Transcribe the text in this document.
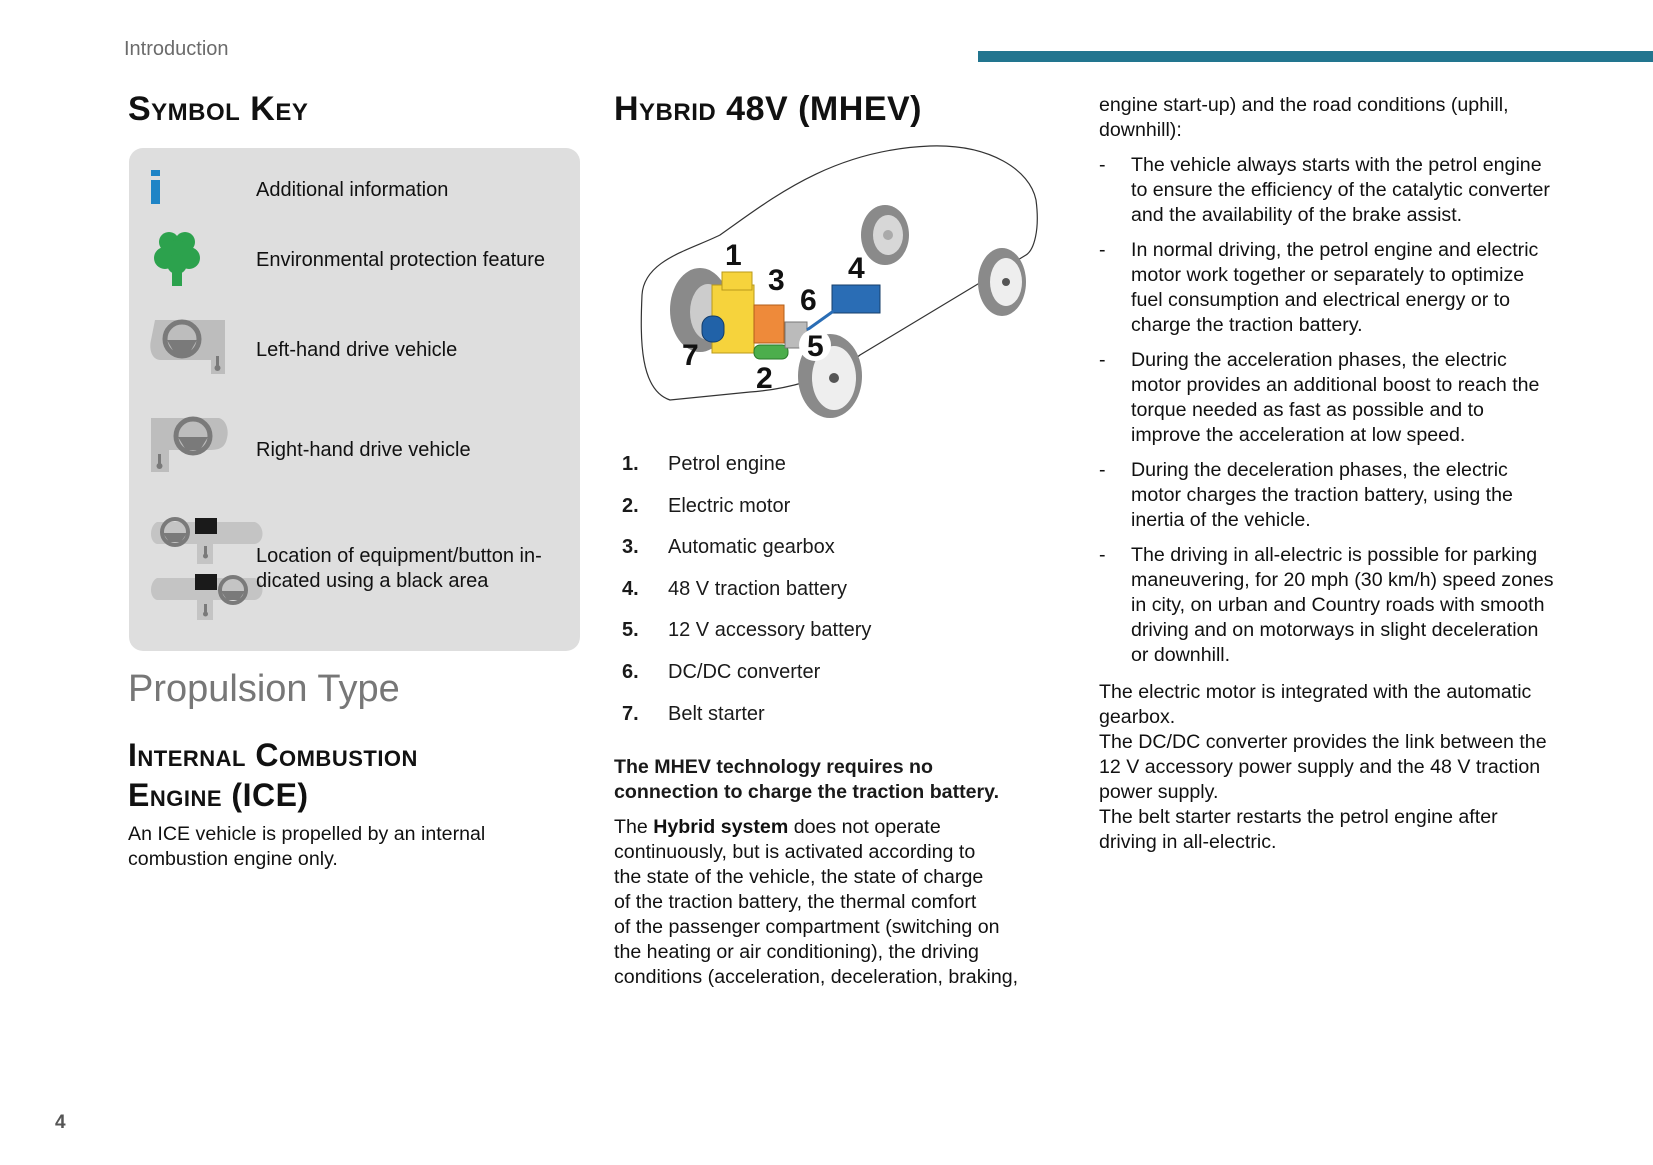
Introduction
Symbol Key
Additional information
Environmental protection feature
Left-hand drive vehicle
Right-hand drive vehicle
Location of equipment/button in-
dicated using a black area
Propulsion Type
Internal Combustion
Engine (ICE)
An ICE vehicle is propelled by an internal
combustion engine only.
Hybrid 48V (MHEV)
1
2
3 4
5
6
7
1.	Petrol engine
2.	Electric motor
3.	Automatic gearbox
4.	48 V traction battery
5.	12 V accessory battery
6.	DC/DC converter
7.	Belt starter
The MHEV technology requires no
connection to charge the traction battery.
The Hybrid system does not operate
continuously, but is activated according to
the state of the vehicle, the state of charge
of the traction battery, the thermal comfort
of the passenger compartment (switching on
the heating or air conditioning), the driving
conditions (acceleration, deceleration, braking,
engine start-up) and the road conditions (uphill, downhill):
-	The vehicle always starts with the petrol engine to ensure the efficiency of the catalytic converter and the availability of the brake assist.
-	In normal driving, the petrol engine and electric motor work together or separately to optimize fuel consumption and electrical energy or to charge the traction battery.
-	During the acceleration phases, the electric motor provides an additional boost to reach the torque needed as fast as possible and to improve the acceleration at low speed.
-	During the deceleration phases, the electric motor charges the traction battery, using the inertia of the vehicle.
-	The driving in all-electric is possible for parking maneuvering, for 20 mph (30 km/h) speed zones in city, on urban and Country roads with smooth driving and on motorways in slight deceleration or downhill.
The electric motor is integrated with the automatic gearbox.
The DC/DC converter provides the link between the 12 V accessory power supply and the 48 V traction power supply.
The belt starter restarts the petrol engine after driving in all-electric.
4
